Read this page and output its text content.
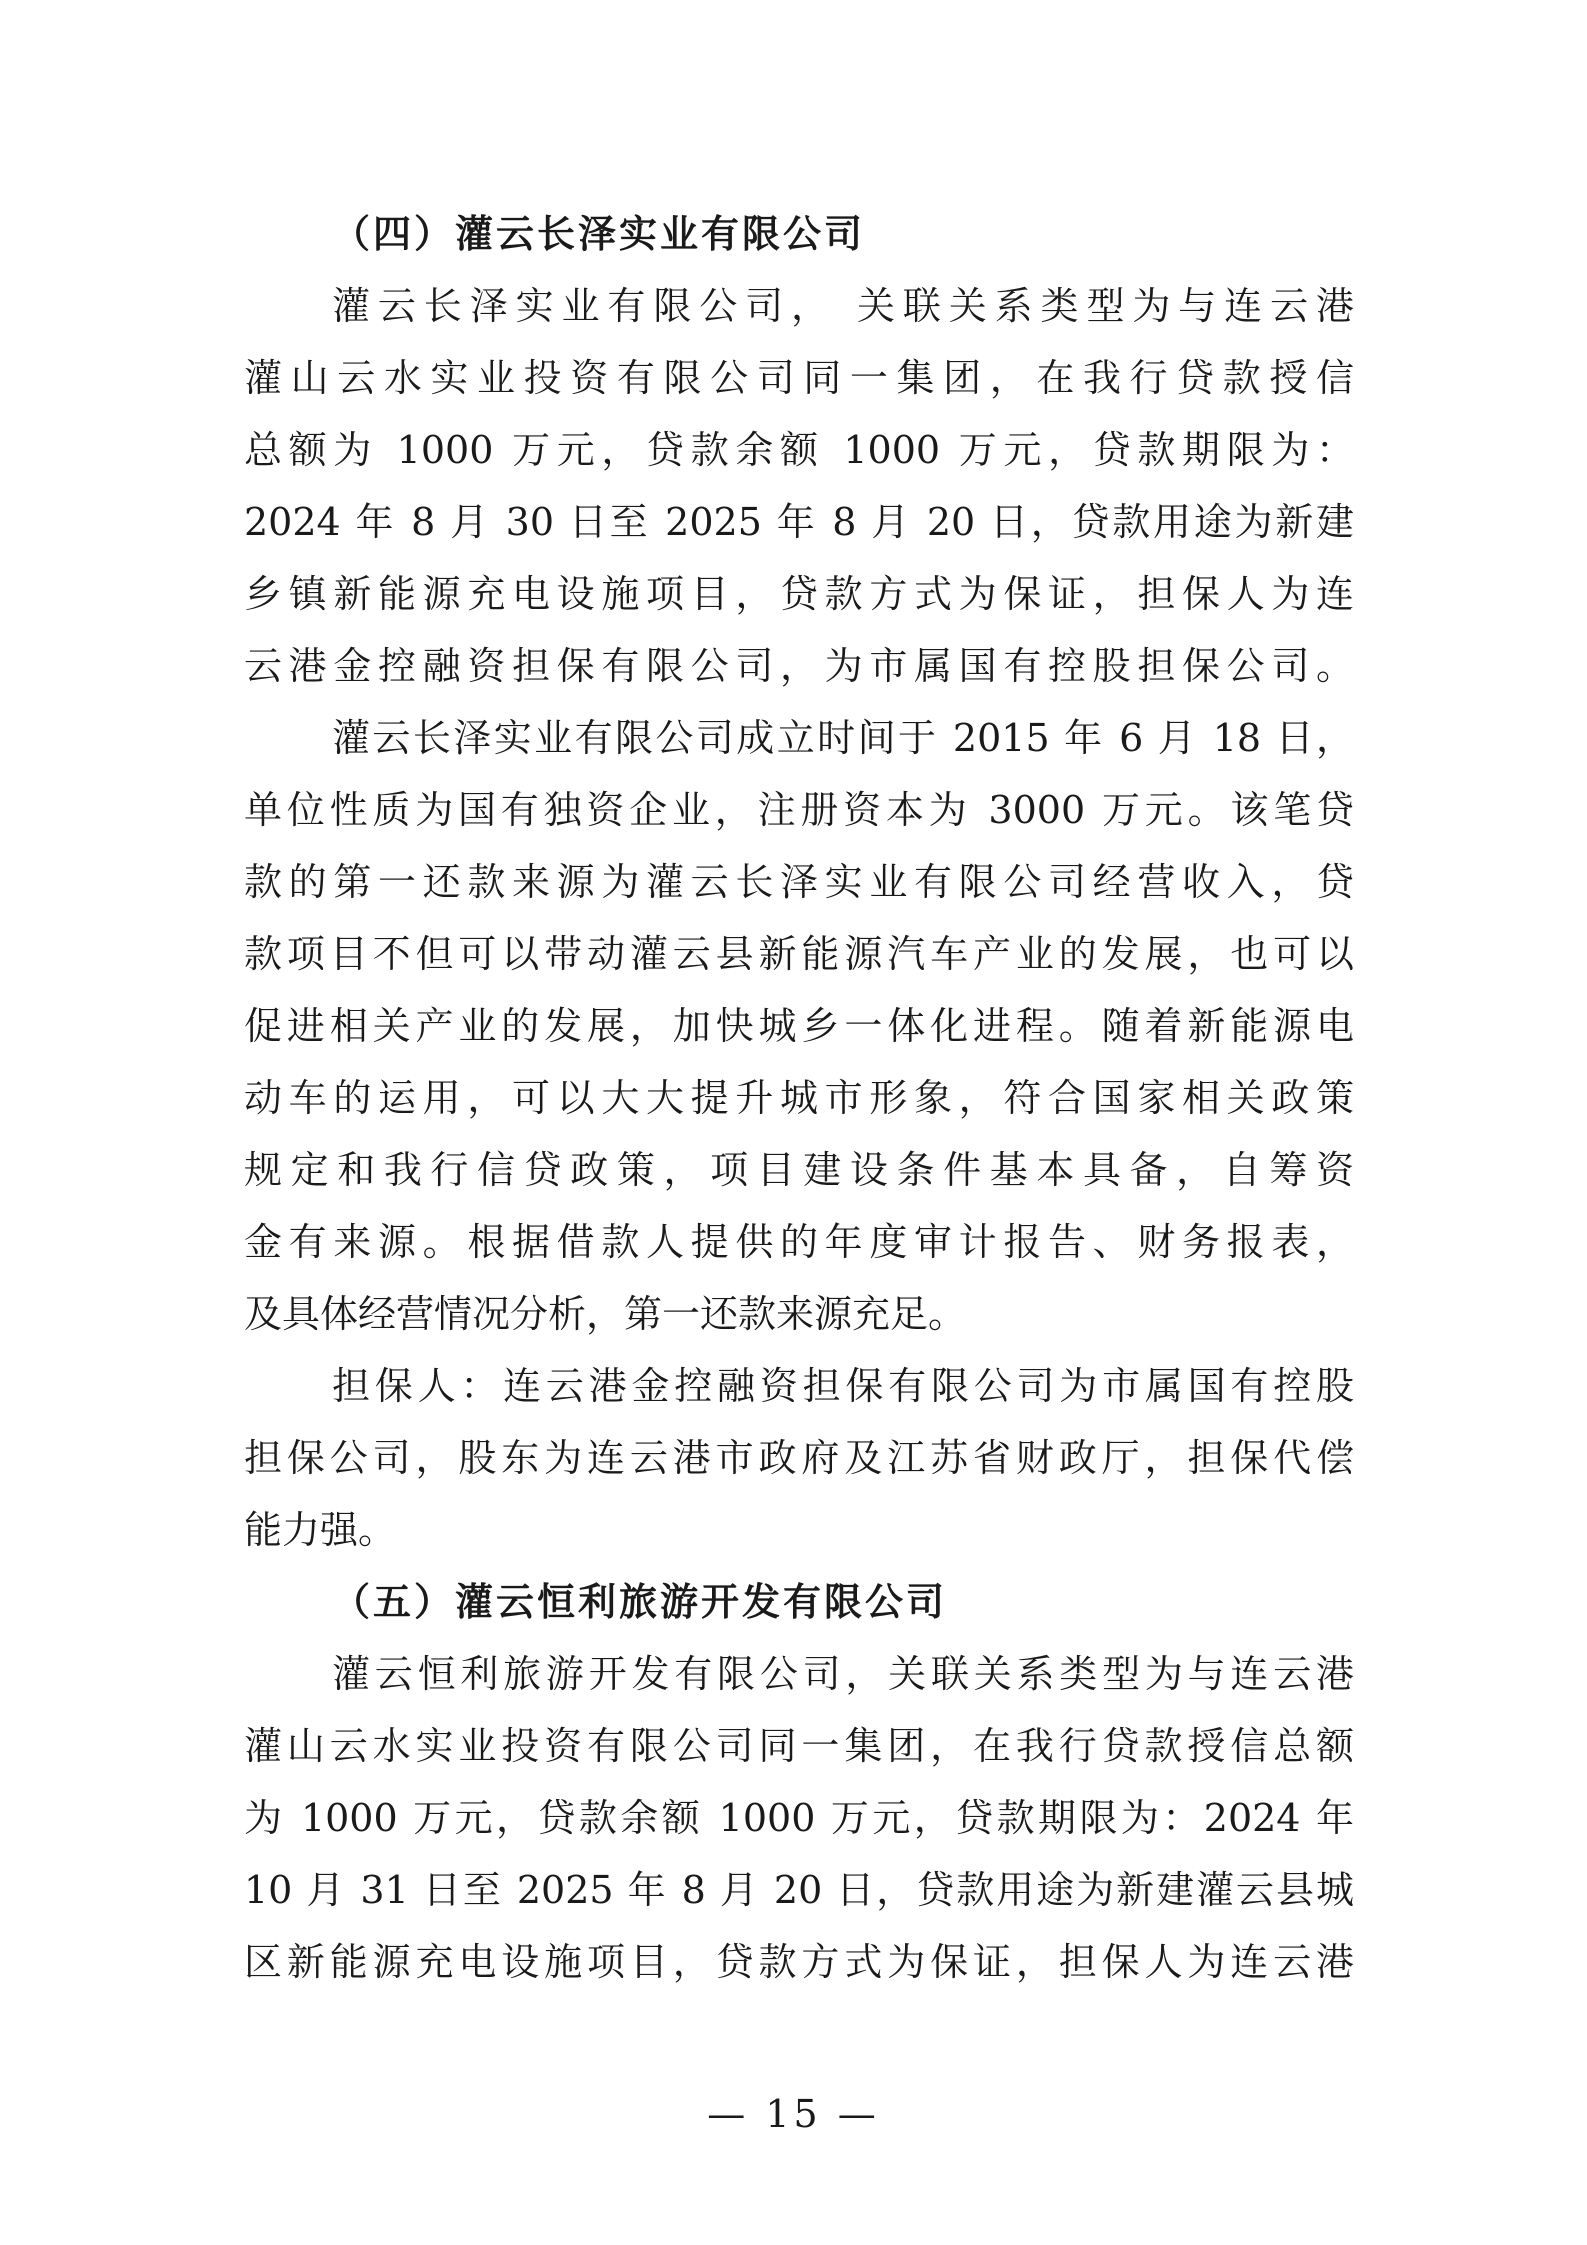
（四）灌云长泽实业有限公司
灌云长泽实业有限公司， 关联关系类型为与连云港
灌山云水实业投资有限公司同一集团，在我行贷款授信
总额为 1000 万元，贷款余额 1000 万元，贷款期限为：
2024 年 8 月 30 日至 2025 年 8 月 20 日，贷款用途为新建
乡镇新能源充电设施项目，贷款方式为保证，担保人为连
云港金控融资担保有限公司，为市属国有控股担保公司。
灌云长泽实业有限公司成立时间于 2015 年 6 月 18 日，
单位性质为国有独资企业，注册资本为 3000 万元。该笔贷
款的第一还款来源为灌云长泽实业有限公司经营收入，贷
款项目不但可以带动灌云县新能源汽车产业的发展，也可以
促进相关产业的发展，加快城乡一体化进程。随着新能源电
动车的运用，可以大大提升城市形象，符合国家相关政策
规定和我行信贷政策，项目建设条件基本具备，自筹资
金有来源。根据借款人提供的年度审计报告、财务报表，
及具体经营情况分析，第一还款来源充足。
担保人：连云港金控融资担保有限公司为市属国有控股
担保公司，股东为连云港市政府及江苏省财政厅，担保代偿
能力强。
（五）灌云恒利旅游开发有限公司
灌云恒利旅游开发有限公司，关联关系类型为与连云港
灌山云水实业投资有限公司同一集团，在我行贷款授信总额
为 1000 万元，贷款余额 1000 万元，贷款期限为：2024 年
10 月 31 日至 2025 年 8 月 20 日，贷款用途为新建灌云县城
区新能源充电设施项目，贷款方式为保证，担保人为连云港
— 15 —
